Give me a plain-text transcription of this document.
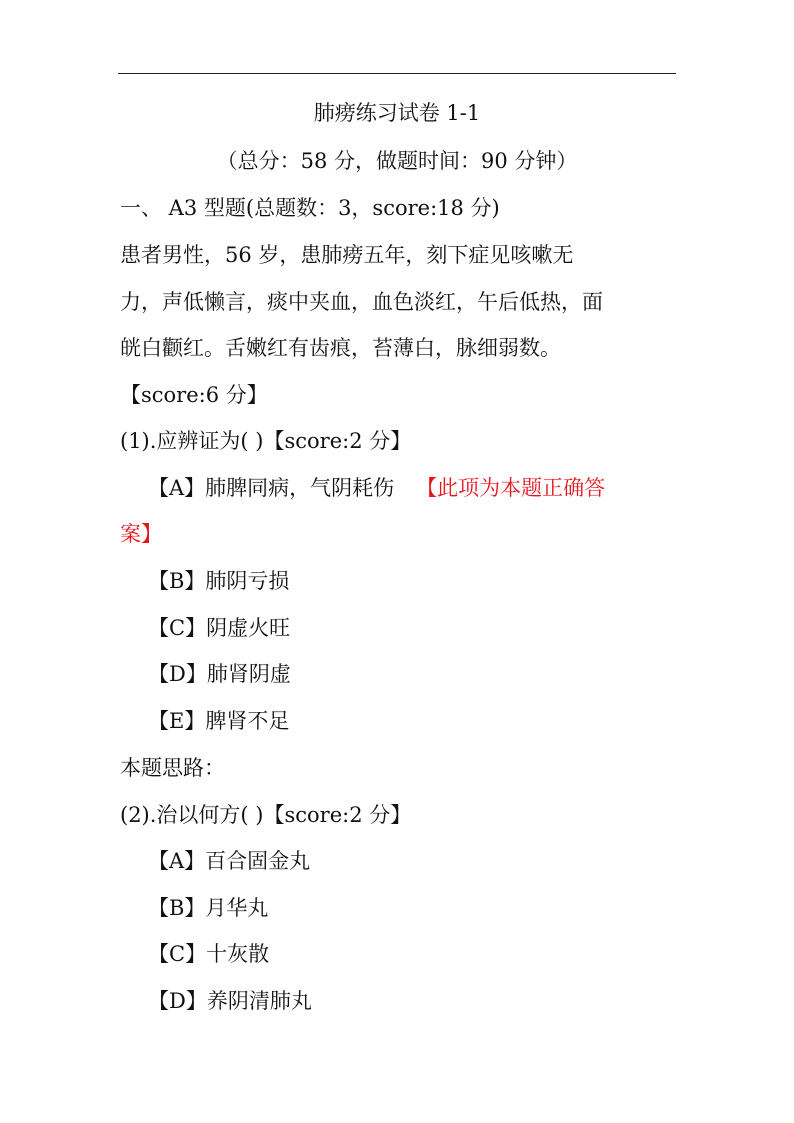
肺痨练习试卷 1-1
（总分：58 分，做题时间：90 分钟）
一、 A3 型题(总题数：3，score:18 分)
患者男性，56 岁，患肺痨五年，刻下症见咳嗽无
力，声低懒言，痰中夹血，血色淡红，午后低热，面
㿠白颧红。舌嫩红有齿痕，苔薄白，脉细弱数。
【score:6 分】
(1).应辨证为( )【score:2 分】
【A】肺脾同病，气阴耗伤 【此项为本题正确答
案】
【B】肺阴亏损
【C】阴虚火旺
【D】肺肾阴虚
【E】脾肾不足
本题思路：
(2).治以何方( )【score:2 分】
【A】百合固金丸
【B】月华丸
【C】十灰散
【D】养阴清肺丸
